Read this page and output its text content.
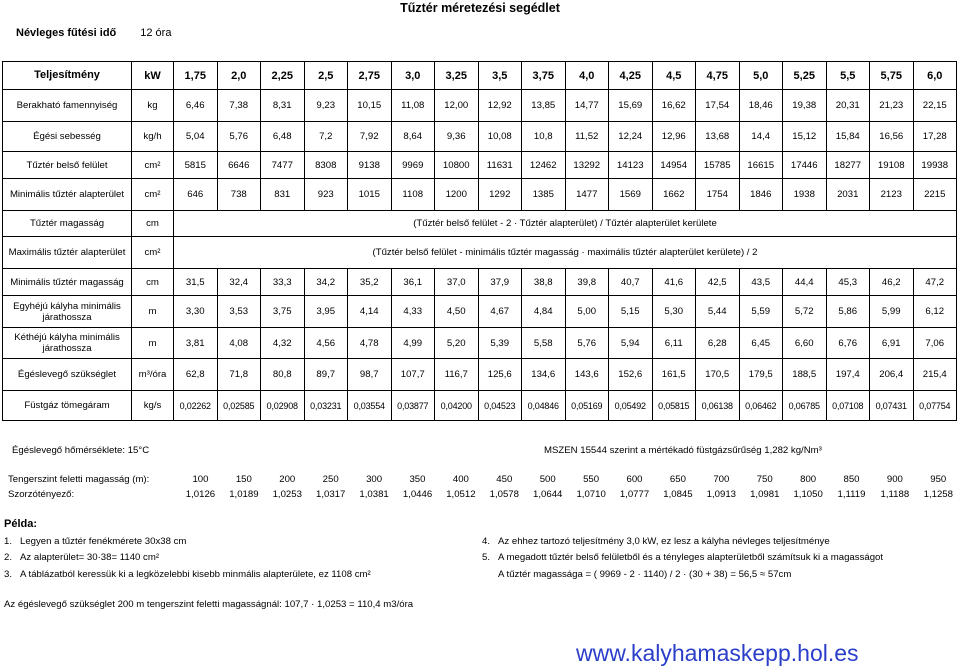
Tűztér méretezési segédlet
Névleges fűtési idő 12 óra
Teljesítmény	kW	1,75	2,0	2,25	2,5	2,75	3,0	3,25	3,5	3,75	4,0	4,25	4,5	4,75	5,0	5,25	5,5	5,75	6,0
Berakható famennyiség	kg	6,46	7,38	8,31	9,23	10,15	11,08	12,00	12,92	13,85	14,77	15,69	16,62	17,54	18,46	19,38	20,31	21,23	22,15
Égési sebesség	kg/h	5,04	5,76	6,48	7,2	7,92	8,64	9,36	10,08	10,8	11,52	12,24	12,96	13,68	14,4	15,12	15,84	16,56	17,28
Tűztér belső felület	cm²	5815	6646	7477	8308	9138	9969	10800	11631	12462	13292	14123	14954	15785	16615	17446	18277	19108	19938
Minimális tűztér alapterület	cm²	646	738	831	923	1015	1108	1200	1292	1385	1477	1569	1662	1754	1846	1938	2031	2123	2215
Tűztér magasság	cm	(Tűztér belső felület - 2 · Tűztér alapterület) / Tűztér alapterület kerülete																	
Maximális tűztér alapterület	cm²	(Tűztér belső felület - minimális tűztér magasság · maximális tűztér alapterület kerülete) / 2																	
Minimális tűztér magasság	cm	31,5	32,4	33,3	34,2	35,2	36,1	37,0	37,9	38,8	39,8	40,7	41,6	42,5	43,5	44,4	45,3	46,2	47,2
Egyhéjú kályha minimális járathossza	m	3,30	3,53	3,75	3,95	4,14	4,33	4,50	4,67	4,84	5,00	5,15	5,30	5,44	5,59	5,72	5,86	5,99	6,12
Kéthéjú kályha minimális járathossza	m	3,81	4,08	4,32	4,56	4,78	4,99	5,20	5,39	5,58	5,76	5,94	6,11	6,28	6,45	6,60	6,76	6,91	7,06
Égéslevegő szükséglet	m³/óra	62,8	71,8	80,8	89,7	98,7	107,7	116,7	125,6	134,6	143,6	152,6	161,5	170,5	179,5	188,5	197,4	206,4	215,4
Füstgáz tömegáram	kg/s	0,02262	0,02585	0,02908	0,03231	0,03554	0,03877	0,04200	0,04523	0,04846	0,05169	0,05492	0,05815	0,06138	0,06462	0,06785	0,07108	0,07431	0,07754
Égéslevegő hőmérséklete: 15°C	MSZEN 15544 szerint a mértékadó füstgázsűrűség 1,282 kg/Nm³
Tengerszint feletti magasság (m):	100	150	200	250	300	350	400	450	500	550	600	650	700	750	800	850	900	950
Szorzótényező:	1,0126	1,0189	1,0253	1,0317	1,0381	1,0446	1,0512	1,0578	1,0644	1,0710	1,0777	1,0845	1,0913	1,0981	1,1050	1,1119	1,1188	1,1258
Példa:
1. Legyen a tűztér fenékmérete 30x38 cm
2. Az alapterület= 30·38= 1140 cm²
3. A táblázatból keressük ki a legközelebbi kisebb minmális alapterülete, ez 1108 cm²
4. Az ehhez tartozó teljesítmény 3,0 kW, ez lesz a kályha névleges teljesítménye
5. A megadott tűztér belső felületből és a tényleges alapterületből számítsuk ki a magasságot
A tűztér magassága = ( 9969 - 2 · 1140) / 2 · (30 + 38) = 56,5 ≈ 57cm
Az égéslevegő szükséglet 200 m tengerszint feletti magasságnál: 107,7 · 1,0253 = 110,4 m3/óra
www.kalyhamaskepp.hol.es
